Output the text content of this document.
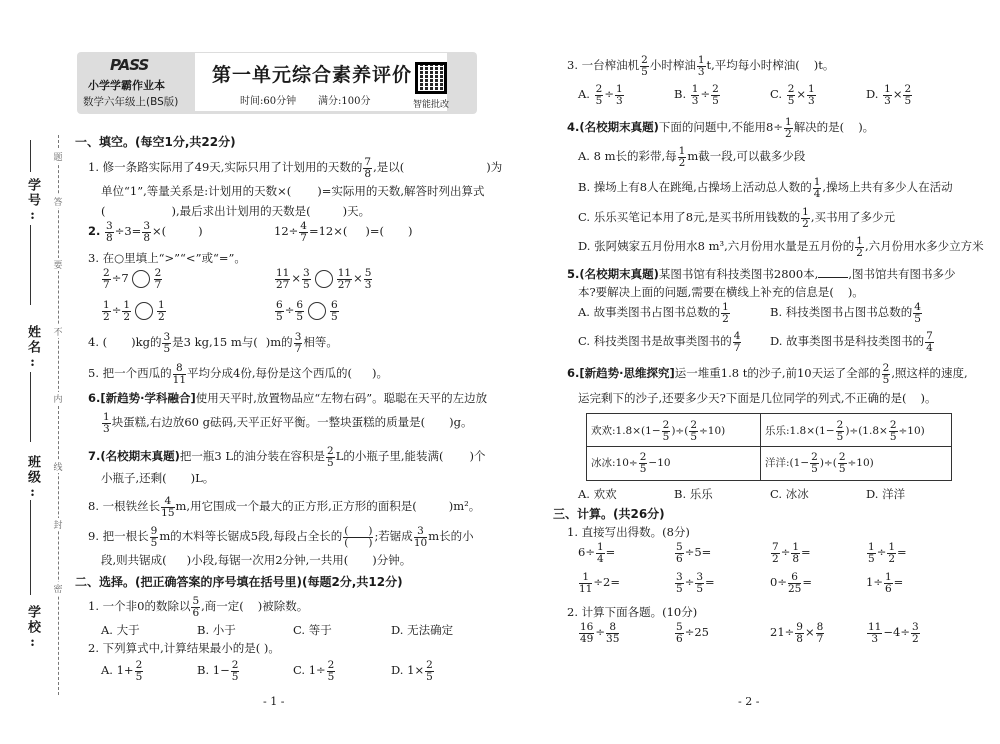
题
答
要
不
内
线
封
密
学号:
姓名:
班级:
学校:
PASS
小学学霸作业本
数学六年级上(BS版)
第一单元综合素养评价
时间:60分钟 满分:100分	智能批改
一、填空。(每空1分,共22分)
1. 修一条路实际用了49天,实际只用了计划用的天数的 $\frac{7}{8}$ ,是以(	)为
单位“1”,等量关系是:计划用的天数×( )=实际用的天数,解答时列出算式
(	),最后求出计划用的天数是(	)天。
2. $\frac{3}{8} \div 3= \frac{3}{8}$ ×(	)	$12\div \frac{4}{7} =12\times$( )=( )
3. 在○里填上“>”“<”或“=”。
$\frac{2}{7} \div 7 \frac{2}{7}$	$\frac{11}{27} \times \frac{3}{5} \frac{11}{27} \times \frac{5}{3}$
$\frac{1}{2} \div \frac{1}{2} \frac{1}{2}$	$\frac{6}{5} \div \frac{6}{5} \frac{6}{5}$
4. ( )kg的 $\frac{3}{5}$ 是3 kg,15 m与( )m的 $\frac{3}{7}$ 相等。
5. 把一个西瓜的 $\frac{8}{11}$ 平均分成4份,每份是这个西瓜的( )。
6.[新趋势·学科融合]使用天平时,放置物品应“左物右码”。聪聪在天平的左边放
$\frac{1}{3}$ 块蛋糕,右边放60 g砝码,天平正好平衡。一整块蛋糕的质量是( )g。
7.(名校期末真题)把一瓶3 L的油分装在容积是 $\frac{2}{5}$ L的小瓶子里,能装满( )个
小瓶子,还剩( )L。
8. 一根铁丝长 $\frac{4}{15} m$,用它围成一个最大的正方形,正方形的面积是(	)m²。
9. 把一根长 $\frac{9}{5}$ m的木料等长锯成5段,每段占全长的 (      )
(      ) ;若锯成 $\frac{3}{10}$ m长的小
段,则共锯成( )小段,每锯一次用2分钟,一共用( )分钟。
二、选择。(把正确答案的序号填在括号里)(每题2分,共12分)
1. 一个非0的数除以 $\frac{5}{6}$ ,商一定( )被除数。
A. 大于	B. 小于	C. 等于	D. 无法确定
2. 下列算式中,计算结果最小的是( )。
A. $1+ \frac{2}{5}$	B. $1- \frac{2}{5}$	C. $1\div \frac{2}{5}$	D. $1\times \frac{2}{5}$
- 1 -
3. 一台榨油机 $\frac{2}{5}$ 小时榨油 $\frac{1}{3} t$,平均每小时榨油( )t。
A. $\frac{2}{5} \div \frac{1}{3}$	B. $\frac{1}{3} \div \frac{2}{5}$	C. $\frac{2}{5} \times \frac{1}{3}$	D. $\frac{1}{3} \times \frac{2}{5}$
4.(名校期末真题)下面的问题中,不能用$8\div \frac{1}{2}$ 解决的是( )。
A. 8 m长的彩带,每 $\frac{1}{2}$ m截一段,可以截多少段
B. 操场上有8人在跳绳,占操场上活动总人数的 $\frac{1}{4}$ ,操场上共有多少人在活动
C. 乐乐买笔记本用了8元,是买书所用钱数的 $\frac{1}{2}$ ,买书用了多少元
D. 张阿姨家五月份用水8 m³,六月份用水量是五月份的 $\frac{1}{2}$ ,六月份用水多少立方米
5.(名校期末真题)某图书馆有科技类图书2800本,	,图书馆共有图书多少
本?要解决上面的问题,需要在横线上补充的信息是( )。
A. 故事类图书占图书总数的 $\frac{1}{2}$	B. 科技类图书占图书总数的 $\frac{4}{5}$
C. 科技类图书是故事类图书的 $\frac{4}{7} D$. 故事类图书是科技类图书的 $\frac{7}{4}$
6.[新趋势·思维探究]运一堆重1.8 t的沙子,前10天运了全部的 $\frac{2}{5}$ ,照这样的速度,
运完剩下的沙子,还要多少天?下面是几位同学的列式,不正确的是( )。
欢欢:1.8×(1− $\frac{2}{5}$ )÷( $\frac{2}{5} \div 10$)	乐乐:1.8×(1− $\frac{2}{5} )\div(1.8\times \frac{2}{5} \div 10)$
冰冰:10÷ $\frac{2}{5} -10$	洋洋:(1− $\frac{2}{5}$ )÷( $\frac{2}{5} \div 10$)
A. 欢欢	B. 乐乐	C. 冰冰	D. 洋洋
三、计算。(共26分)
1. 直接写出得数。(8分)
$6\div \frac{1}{4}$ =	$\frac{5}{6} \div 5=$	$\frac{7}{2} \div \frac{1}{8}$ =	$\frac{1}{5} \div \frac{1}{2}$ =
$\frac{1}{11} \div 2=$	$\frac{3}{5} \div \frac{3}{5}$ =	$0\div \frac{6}{25}$ =	$1\div \frac{1}{6}$ =
2. 计算下面各题。(10分)
$\frac{16}{49} \div \frac{8}{35}$	$\frac{5}{6} \div 25$	$21\div \frac{9}{8} \times \frac{8}{7}$	$\frac{11}{3} -4\div \frac{3}{2}$
- 2 -
